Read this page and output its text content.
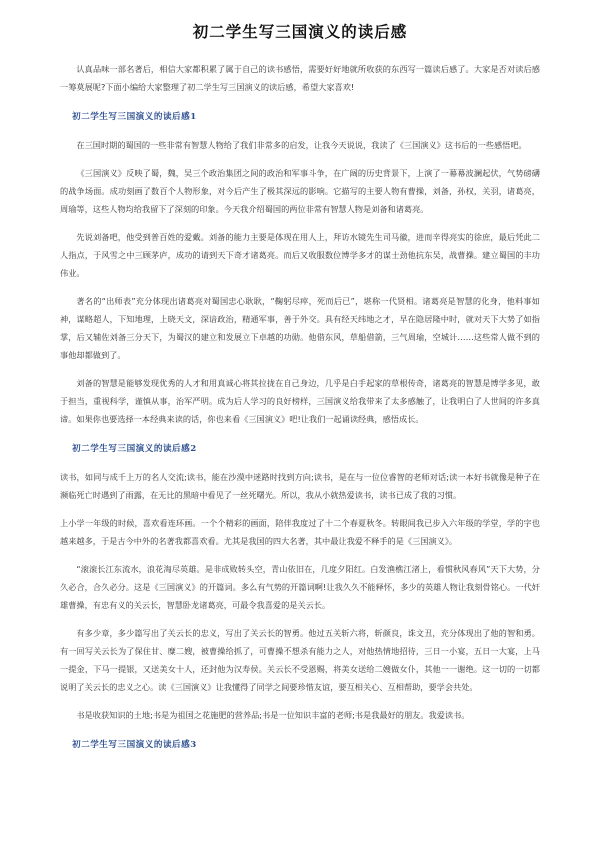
初二学生写三国演义的读后感

认真品味一部名著后，相信大家都积累了属于自己的读书感悟，需要好好地就所收获的东西写一篇读后感了。大家是否对读后感一筹莫展呢?下面小编给大家整理了初二学生写三国演义的读后感，希望大家喜欢!

初二学生写三国演义的读后感1

在三国时期的蜀国的一些非常有智慧人物给了我们非常多的启发，让我今天说说，我读了《三国演义》这书后的一些感悟吧。

《三国演义》反映了蜀，魏，吴三个政治集团之间的政治和军事斗争，在广阔的历史背景下，上演了一幕幕波澜起伏，气势磅礴的战争场面。成功刻画了数百个人物形象，对今后产生了极其深远的影响。它描写的主要人物有曹操，刘备，孙权，关羽，诸葛亮，周瑜等，这些人物均给我留下了深刻的印象。今天我介绍蜀国的两位非常有智慧人物是刘备和诸葛亮。

先说刘备吧，他受到普百姓的爱戴。刘备的能力主要是体现在用人上，拜访水镜先生司马徽，进而辛得亮实的徐庶，最后凭此二人指点，于风雪之中三顾茅庐，成功的请到天下奇才诸葛亮。而后又收服数位博学多才的谋士劲他抗东吴，战曹操。建立蜀国的丰功伟业。

著名的“出师表”充分体现出诸葛亮对蜀国忠心耿耿，“鞠躬尽瘁，死而后已”，堪称一代贤相。诸葛亮是智慧的化身，他料事如神，谋略超人，下知地理，上晓天文，深谙政治，精通军事，善于外交。具有经天纬地之才，早在隐居隆中时，就对天下大势了如指掌，后又辅佐刘备三分天下，为蜀汉的建立和发展立下卓越的功勋。他借东风，草船借箭，三气周瑜，空城计……这些常人做不到的事他却都做到了。

刘备的智慧是能够发现优秀的人才和用真诚心将其拉拢在自己身边，几乎是白手起家的草根传奇，诸葛亮的智慧是博学多见，敢于担当，重视科学，谨慎从事，治军严明。成为后人学习的良好榜样，三国演义给我带来了太多感触了，让我明白了人世间的许多真谛。如果你也要选择一本经典来读的话，你也来看《三国演义》吧!让我们一起诵读经典，感悟成长。

初二学生写三国演义的读后感2

读书，如同与成千上万的名人交流;读书，能在沙漠中迷路时找到方向;读书，是在与一位位睿智的老师对话;读一本好书就像是种子在濒临死亡时遇到了雨露，在无比的黑暗中看见了一丝死曙光。所以，我从小就热爱读书，读书已成了我的习惯。

上小学一年级的时候，喜欢看连环画。一个个精彩的画面，陪伴我度过了十二个春夏秋冬。转眼间我已步入六年级的学堂，学的字也越来越多，于是古今中外的名著我都喜欢看。尤其是我国的四大名著，其中最让我爱不释手的是《三国演义》。

“滚滚长江东流水，浪花淘尽英雄。是非成败转头空，青山依旧在，几度夕阳红。白发渔樵江渚上，看惯秋风春风”天下大势，分久必合，合久必分。这是《三国演义》的开篇词。多么有气势的开篇词啊!让我久久不能释怀，多少的英雄人物让我刻骨铭心。一代奸雄曹操，有忠有义的关云长，智慧卧龙诸葛亮，可最令我喜爱的是关云长。

有多少章，多少篇写出了关云长的忠义，写出了关云长的智勇。他过五关斩六将，斩颜良，诛文丑，充分体现出了他的智和勇。有一回写关云长为了保住甘、糜二嫂，被曹操给抓了，可曹操不想杀有能力之人，对他热情地招待，三日一小宴，五日一大宴，上马一提金，下马一提银，又送美女十人，还封他为汉寿侯。关云长不受恩赐，将美女送给二嫂做女仆，其他一一谢绝。这一切的一切都说明了关云长的忠义之心。读《三国演义》让我懂得了同学之间要珍惜友谊，要互相关心、互相帮助，要学会共处。

书是收获知识的土地;书是为祖国之花施肥的营养品;书是一位知识丰富的老师;书是我最好的朋友。我爱读书。

初二学生写三国演义的读后感3
